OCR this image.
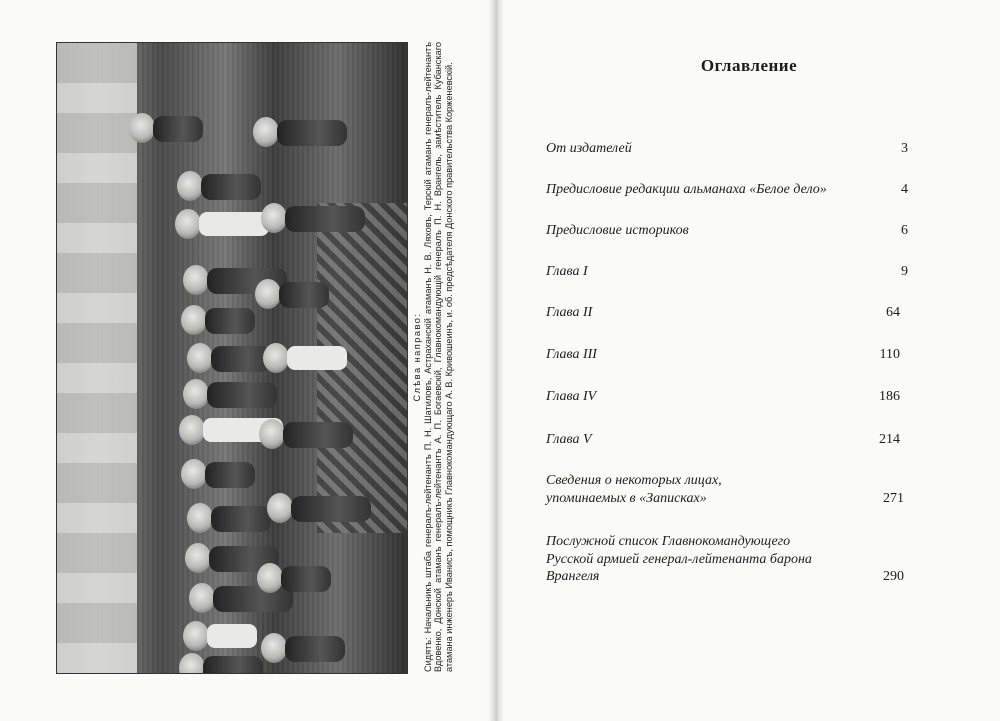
Слѣва направо: Сидятъ: Начальникъ штаба генералъ-лейтенантъ П. Н. Шатиловъ, Астраханскiй атаманъ Н. В. Ляховъ, Терскiй атаманъ генералъ-лейтенантъ Вдовенко, Донской атаманъ генералъ-лейтенантъ А. П. Богаевскiй, Главнокомандующiй генералъ П. Н. Врангель, замѣститель Кубанскаго атамана инженеръ Иванисъ, помощникъ Главнокомандующаго А. В. Кривошеинъ, и. об. предсѣдателя Донского правительства Корженевскiй.	Оглавление
От издателей	3
Предисловие редакции альманаха «Белое дело»	4
Предисловие историков	6
Глава I	9
Глава II	64
Глава III	110
Глава IV	186
Глава V	214
Сведения о некоторых лицах, упоминаемых в «Записках»	271
Послужной список Главнокомандующего Русской армией генерал-лейтенанта барона Врангеля	290
